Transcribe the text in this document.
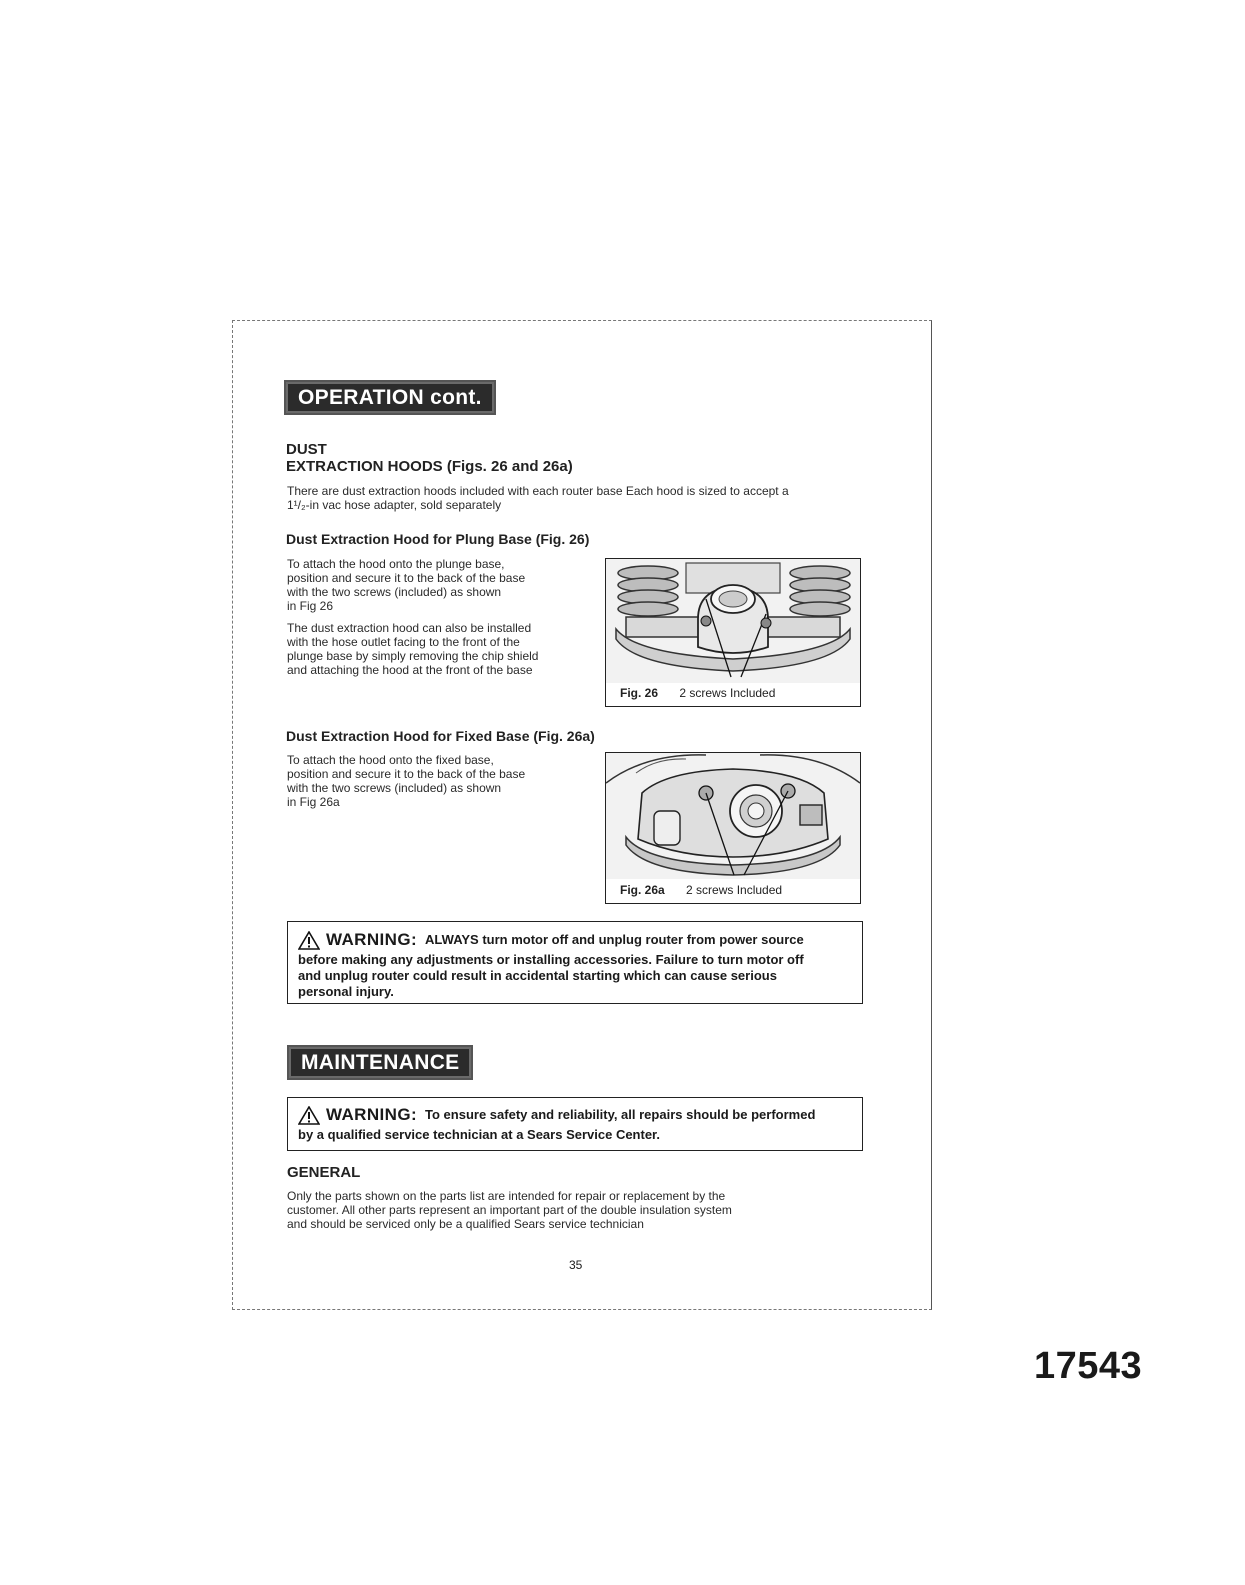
OPERATION cont.
DUST
EXTRACTION HOODS (Figs. 26 and 26a)
There are dust extraction hoods included with each router base Each hood is sized to accept a
1¹/₂-in vac hose adapter, sold separately
Dust Extraction Hood for Plung Base (Fig. 26)
To attach the hood onto the plunge base,
position and secure it to the back of the base
with the two screws (included) as shown
in Fig 26
The dust extraction hood can also be installed
with the hose outlet facing to the front of the
plunge base by simply removing the chip shield
and attaching the hood at the front of the base
Fig. 26 2 screws Included
Dust Extraction Hood for Fixed Base (Fig. 26a)
To attach the hood onto the fixed base,
position and secure it to the back of the base
with the two screws (included) as shown
in Fig 26a
Fig. 26a 2 screws Included
WARNING: ALWAYS turn motor off and unplug router from power source
before making any adjustments or installing accessories. Failure to turn motor off
and unplug router could result in accidental starting which can cause serious
personal injury.
MAINTENANCE
WARNING: To ensure safety and reliability, all repairs should be performed
by a qualified service technician at a Sears Service Center.
GENERAL
Only the parts shown on the parts list are intended for repair or replacement by the
customer. All other parts represent an important part of the double insulation system
and should be serviced only be a qualified Sears service technician
35
17543
